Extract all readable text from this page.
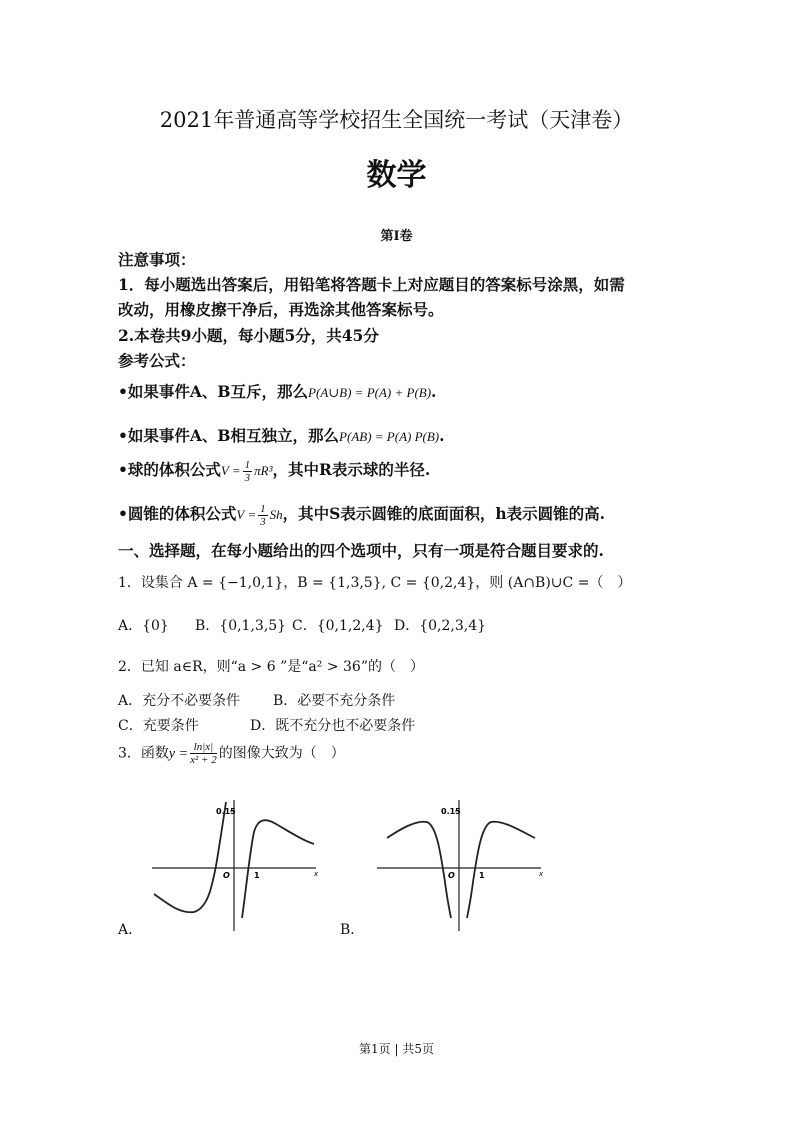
2021年普通高等学校招生全国统一考试（天津卷）
数学
第I卷
注意事项：
1．每小题选出答案后，用铅笔将答题卡上对应题目的答案标号涂黑，如需
改动，用橡皮擦干净后，再选涂其他答案标号。
2.本卷共9小题，每小题5分，共45分
参考公式：
•如果事件A、B互斥，那么P(A∪B) = P(A) + P(B).
•如果事件A、B相互独立，那么P(AB) = P(A) P(B).
•球的体积公式$V = \frac{1}{3} \pi R^3$，其中R表示球的半径.
•圆锥的体积公式$V = \frac{1}{3}$ Sh，其中S表示圆锥的底面面积，h表示圆锥的高.
一、选择题，在每小题给出的四个选项中，只有一项是符合题目要求的.
1．设集合 A = {−1,0,1}，B = {1,3,5}, C = {0,2,4}，则 (A∩B)∪C =（　）
A．{0} B．{0,1,3,5} C．{0,1,2,4} D．{0,2,3,4}
2．已知 a∈R，则“a > 6 ”是“a² > 36”的（　）
A．充分不必要条件 B．必要不充分条件
C．充要条件	D．既不充分也不必要条件
3．函数$y = \frac{\ln|x|}{\text{x² + 2}}$ 的图像大致为（　）
0.15
O	1	x
A．
0.15
O	1	x
B．
第1页 | 共5页
